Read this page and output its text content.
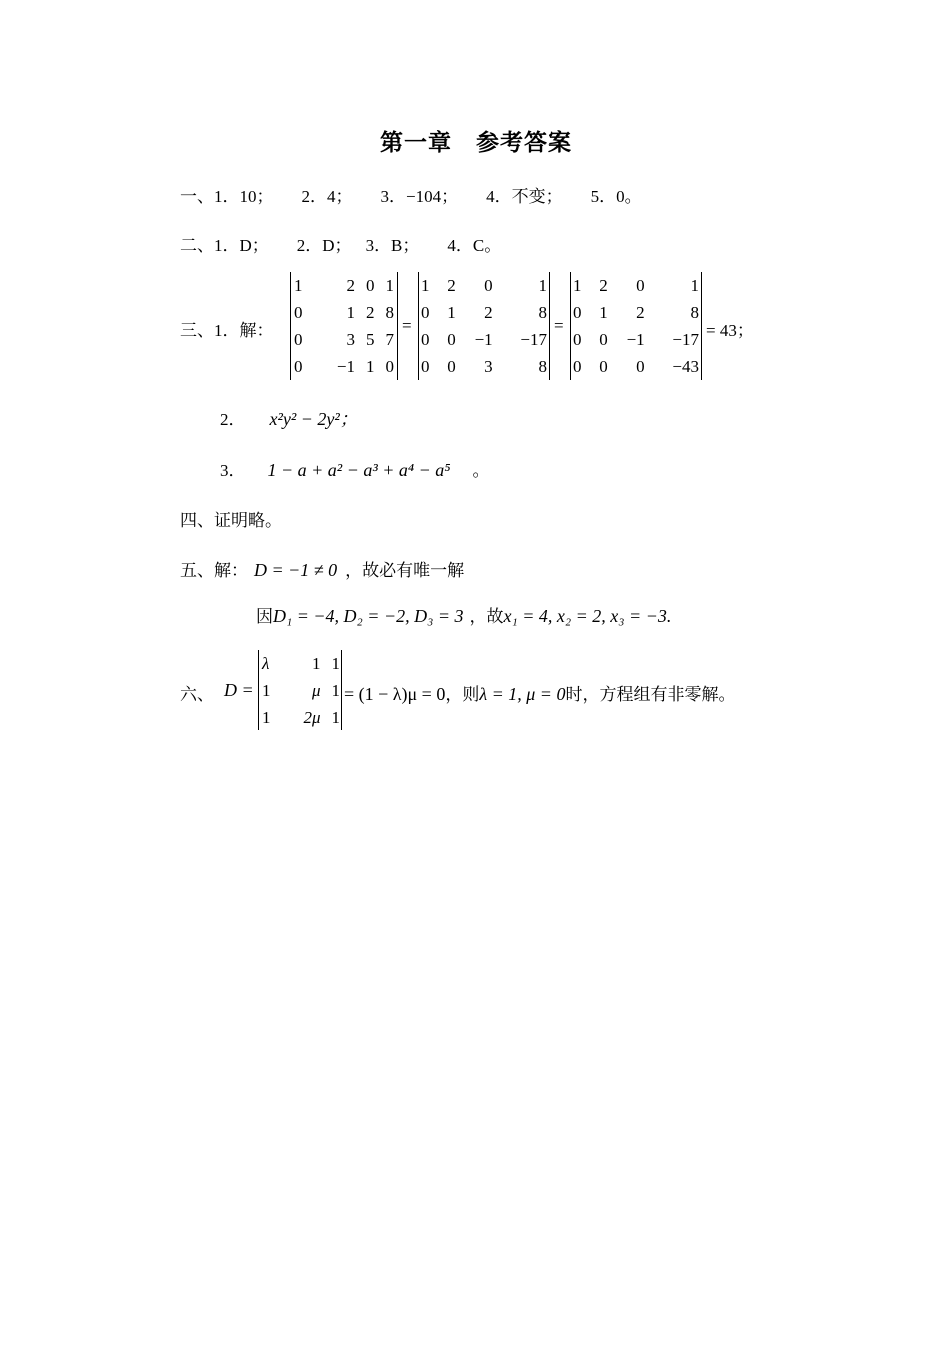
第一章　参考答案
一、1．10； 2．4； 3．−104； 4．不变； 5．0。
二、1．D； 2．D； 3．B； 4．C。
三、1．解：
1	2	0	1
0	1	2	8
0	3	5	7
0	−1	1	0
=
1	2	0	1
0	1	2	8
0	0	−1	−17
0	0	3	8
=
1	2	0	1
0	1	2	8
0	0	−1	−17
0	0	0	−43
= 43；
2． x²y² − 2y²；
3． 1 − a + a² − a³ + a⁴ − a⁵ 。
四、证明略。
五、解： D = −1 ≠ 0 ，故必有唯一解
因D₁ = −4, D₂ = −2, D₃ = 3 ，故x₁ = 4, x₂ = 2, x₃ = −3.
六、 D =
λ	1	1
1	μ	1
1	2μ	1
= (1 − λ)μ = 0，则λ = 1, μ = 0时，方程组有非零解。
